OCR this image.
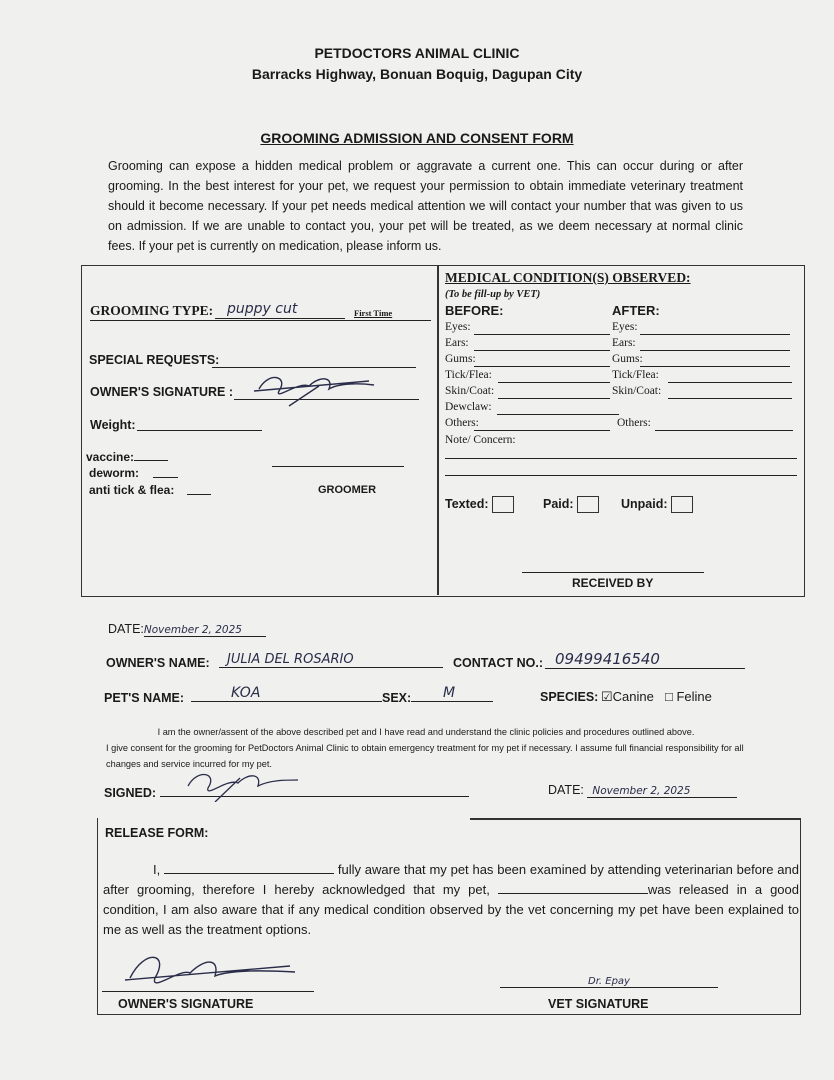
PETDOCTORS ANIMAL CLINIC
Barracks Highway, Bonuan Boquig, Dagupan City
GROOMING ADMISSION AND CONSENT FORM
Grooming can expose a hidden medical problem or aggravate a current one. This can occur during or after grooming. In the best interest for your pet, we request your permission to obtain immediate veterinary treatment should it become necessary. If your pet needs medical attention we will contact your number that was given to us on admission. If we are unable to contact you, your pet will be treated, as we deem necessary at normal clinic fees. If your pet is currently on medication, please inform us.
GROOMING TYPE: puppy cut	First Time
SPECIAL REQUESTS:
OWNER'S SIGNATURE :
Weight:
vaccine:
deworm:
anti tick & flea:	GROOMER
MEDICAL CONDITION(S) OBSERVED:
(To be fill-up by VET)
BEFORE:	AFTER:
Eyes:	Eyes:
Ears:	Ears:
Gums:	Gums:
Tick/Flea:	Tick/Flea:
Skin/Coat:	Skin/Coat:
Dewclaw:
Others:	Others:
Note/ Concern:
Texted:	Paid:	Unpaid:
RECEIVED BY
DATE:November 2, 2025
OWNER'S NAME:	JULIA DEL ROSARIO	CONTACT NO.: 09499416540
PET'S NAME:	KOA	SEX:	M	SPECIES: ☑Canine □ Feline
I am the owner/assent of the above described pet and I have read and understand the clinic policies and procedures outlined above.
I give consent for the grooming for PetDoctors Animal Clinic to obtain emergency treatment for my pet if necessary. I assume full financial responsibility for all changes and service incurred for my pet.
SIGNED:	DATE: November 2, 2025
RELEASE FORM:
I,	fully aware that my pet has been examined by attending veterinarian before and after grooming, therefore I hereby acknowledged that my pet,	was released in a good condition, I am also aware that if any medical condition observed by the vet concerning my pet have been explained to me as well as the treatment options.
OWNER'S SIGNATURE
Dr. Epay
VET SIGNATURE
